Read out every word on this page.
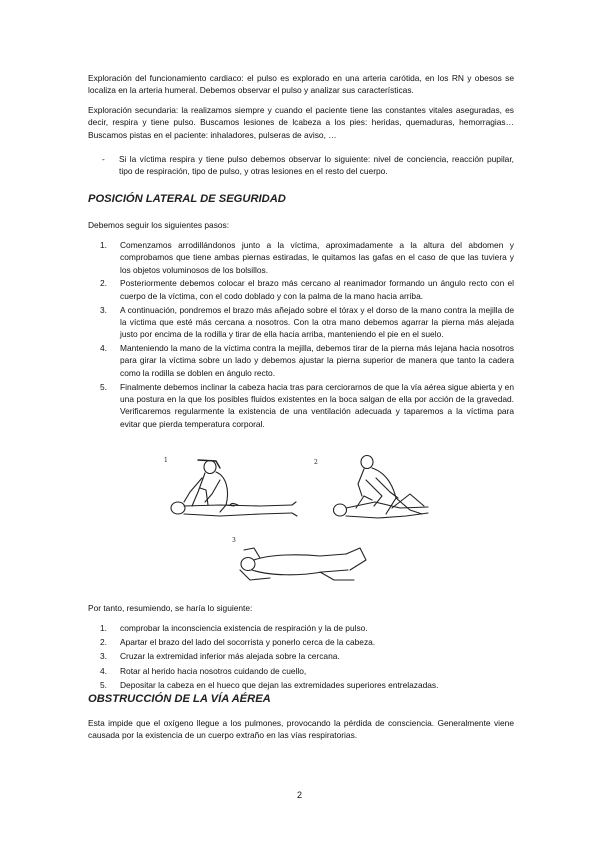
Exploración del funcionamiento cardiaco: el pulso es explorado en una arteria carótida, en los RN y obesos se localiza en la arteria humeral. Debemos observar el pulso y analizar sus características.

Exploración secundaria: la realizamos siempre y cuando el paciente tiene las constantes vitales aseguradas, es decir, respira y tiene pulso. Buscamos lesiones de lcabeza a los pies: heridas, quemaduras, hemorragias… Buscamos pistas en el paciente: inhaladores, pulseras de aviso, …

- Si la víctima respira y tiene pulso debemos observar lo siguiente: nivel de conciencia, reacción pupilar, tipo de respiración, tipo de pulso, y otras lesiones en el resto del cuerpo.
POSICIÓN LATERAL DE SEGURIDAD

Debemos seguir los siguientes pasos:

1. Comenzamos arrodillándonos junto a la víctima, aproximadamente a la altura del abdomen y comprobamos que tiene ambas piernas estiradas, le quitamos las gafas en el caso de que las tuviera y los objetos voluminosos de los bolsillos.
2. Posteriormente debemos colocar el brazo más cercano al reanimador formando un ángulo recto con el cuerpo de la víctima, con el codo doblado y con la palma de la mano hacia arriba.
3. A continuación, pondremos el brazo más añejado sobre el tórax y el dorso de la mano contra la mejilla de la víctima que esté más cercana a nosotros. Con la otra mano debemos agarrar la pierna más alejada justo por encima de la rodilla y tirar de ella hacia arriba, manteniendo el pie en el suelo.
4. Manteniendo la mano de la víctima contra la mejilla, debemos tirar de la pierna más lejana hacia nosotros para girar la víctima sobre un lado y debemos ajustar la pierna superior de manera que tanto la cadera como la rodilla se doblen en ángulo recto.
5. Finalmente debemos inclinar la cabeza hacia tras para cerciorarnos de que la vía aérea sigue abierta y en una postura en la que los posibles fluidos existentes en la boca salgan de ella por acción de la gravedad. Verificaremos regularmente la existencia de una ventilación adecuada y taparemos a la víctima para evitar que pierda temperatura corporal.
1	2
3

Por tanto, resumiendo, se haría lo siguiente:

1. comprobar la inconsciencia existencia de respiración y la de pulso.
2. Apartar el brazo del lado del socorrista y ponerlo cerca de la cabeza.
3. Cruzar la extremidad inferior más alejada sobre la cercana.
4. Rotar al herido hacia nosotros cuidando de cuello,
5. Depositar la cabeza en el hueco que dejan las extremidades superiores entrelazadas.
OBSTRUCCIÓN DE LA VÍA AÉREA

Esta impide que el oxígeno llegue a los pulmones, provocando la pérdida de consciencia. Generalmente viene causada por la existencia de un cuerpo extraño en las vías respiratorias.

2
